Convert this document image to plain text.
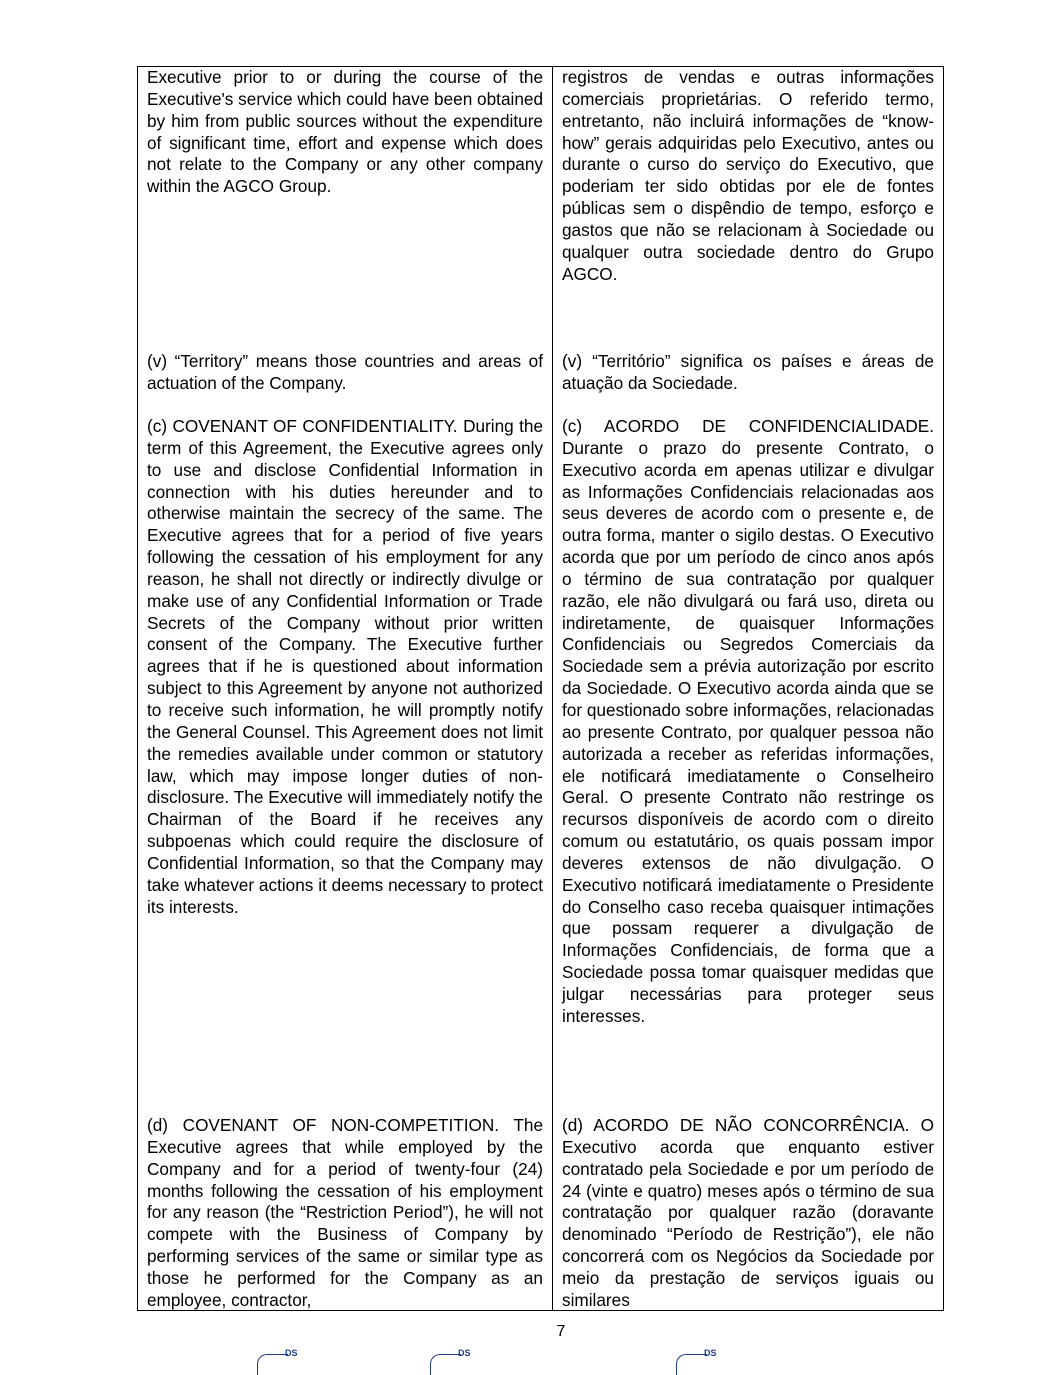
Executive prior to or during the course of the Executive's service which could have been obtained by him from public sources without the expenditure of significant time, effort and expense which does not relate to the Company or any other company within the AGCO Group.

(v) “Territory” means those countries and areas of actuation of the Company.

(c) COVENANT OF CONFIDENTIALITY. During the term of this Agreement, the Executive agrees only to use and disclose Confidential Information in connection with his duties hereunder and to otherwise maintain the secrecy of the same. The Executive agrees that for a period of five years following the cessation of his employment for any reason, he shall not directly or indirectly divulge or make use of any Confidential Information or Trade Secrets of the Company without prior written consent of the Company. The Executive further agrees that if he is questioned about information subject to this Agreement by anyone not authorized to receive such information, he will promptly notify the General Counsel. This Agreement does not limit the remedies available under common or statutory law, which may impose longer duties of non-disclosure. The Executive will immediately notify the Chairman of the Board if he receives any subpoenas which could require the disclosure of Confidential Information, so that the Company may take whatever actions it deems necessary to protect its interests.

(d) COVENANT OF NON-COMPETITION. The Executive agrees that while employed by the Company and for a period of twenty-four (24) months following the cessation of his employment for any reason (the “Restriction Period”), he will not compete with the Business of Company by performing services of the same or similar type as those he performed for the Company as an employee, contractor,

registros de vendas e outras informações comerciais proprietárias. O referido termo, entretanto, não incluirá informações de “know-how” gerais adquiridas pelo Executivo, antes ou durante o curso do serviço do Executivo, que poderiam ter sido obtidas por ele de fontes públicas sem o dispêndio de tempo, esforço e gastos que não se relacionam à Sociedade ou qualquer outra sociedade dentro do Grupo AGCO.

(v) “Território” significa os países e áreas de atuação da Sociedade.

(c) ACORDO DE CONFIDENCIALIDADE. Durante o prazo do presente Contrato, o Executivo acorda em apenas utilizar e divulgar as Informações Confidenciais relacionadas aos seus deveres de acordo com o presente e, de outra forma, manter o sigilo destas. O Executivo acorda que por um período de cinco anos após o término de sua contratação por qualquer razão, ele não divulgará ou fará uso, direta ou indiretamente, de quaisquer Informações Confidenciais ou Segredos Comerciais da Sociedade sem a prévia autorização por escrito da Sociedade. O Executivo acorda ainda que se for questionado sobre informações, relacionadas ao presente Contrato, por qualquer pessoa não autorizada a receber as referidas informações, ele notificará imediatamente o Conselheiro Geral. O presente Contrato não restringe os recursos disponíveis de acordo com o direito comum ou estatutário, os quais possam impor deveres extensos de não divulgação. O Executivo notificará imediatamente o Presidente do Conselho caso receba quaisquer intimações que possam requerer a divulgação de Informações Confidenciais, de forma que a Sociedade possa tomar quaisquer medidas que julgar necessárias para proteger seus interesses.

(d) ACORDO DE NÃO CONCORRÊNCIA. O Executivo acorda que enquanto estiver contratado pela Sociedade e por um período de 24 (vinte e quatro) meses após o término de sua contratação por qualquer razão (doravante denominado “Período de Restrição”), ele não concorrerá com os Negócios da Sociedade por meio da prestação de serviços iguais ou similares

7
DS	DS	DS
